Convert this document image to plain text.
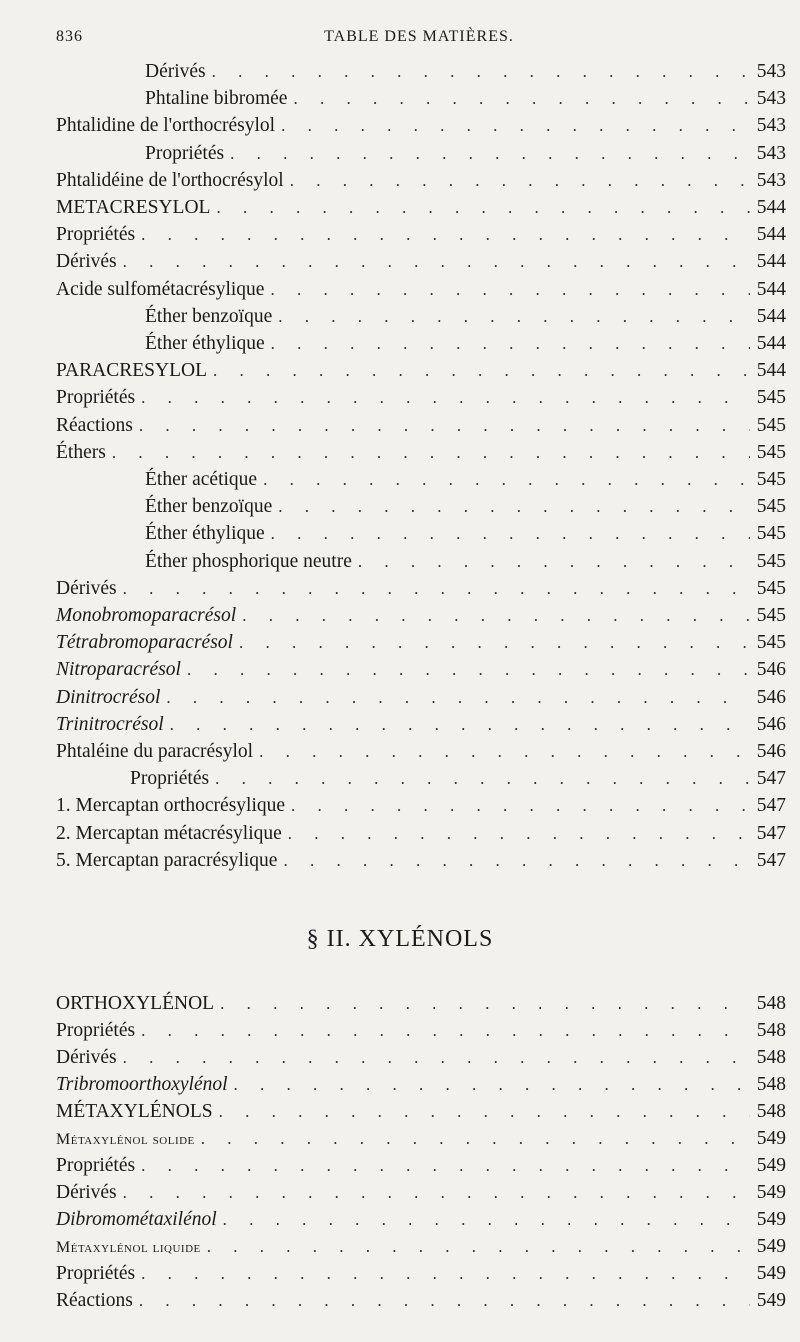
836	TABLE DES MATIÈRES.
Dérivés . . .	543
Phtaline bibromée . . .	543
Phtalidine de l'orthocrésylol . . .	543
Propriétés . . .	543
Phtalidéine de l'orthocrésylol . . .	543
METACRESYLOL . . .	544
Propriétés . . .	544
Dérivés . . .	544
Acide sulfométacrésylique . . .	544
Éther benzoïque . . .	544
Éther éthylique . . .	544
PARACRESYLOL . . .	544
Propriétés . . .	545
Réactions . . .	545
Éthers . . .	545
Éther acétique . . .	545
Éther benzoïque . . .	545
Éther éthylique . . .	545
Éther phosphorique neutre . . .	545
Dérivés . . .	545
Monobromoparacrésol . . .	545
Tétrabromoparacrésol . . .	545
Nitroparacrésol . . .	546
Dinitrocrésol . . .	546
Trinitrocrésol . . .	546
Phtaléine du paracrésylol . . .	546
Propriétés . . .	547
1. Mercaptan orthocrésylique . . .	547
2. Mercaptan métacrésylique . . .	547
5. Mercaptan paracrésylique . . .	547
§ II. XYLÉNOLS
ORTHOXYLÉNOL . . .	548
Propriétés . . .	548
Dérivés . . .	548
Tribromoorthoxylénol . . .	548
MÉTAXYLÉNOLS . . .	548
Métaxylénol solide . . .	549
Propriétés . . .	549
Dérivés . . .	549
Dibromométaxilénol . . .	549
Métaxylénol liquide . . .	549
Propriétés . . .	549
Réactions . . .	549
